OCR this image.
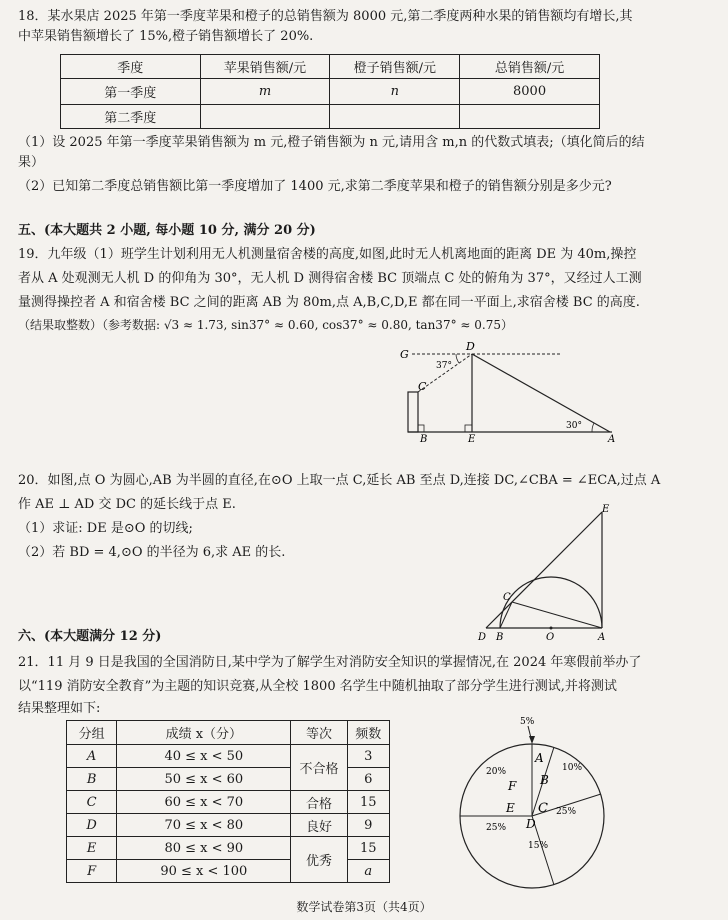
18．某水果店 2025 年第一季度苹果和橙子的总销售额为 8000 元,第二季度两种水果的销售额均有增长,其
中苹果销售额增长了 15%,橙子销售额增长了 20%.
季度	苹果销售额/元	橙子销售额/元	总销售额/元
第一季度	m	n	8000
第二季度			
（1）设 2025 年第一季度苹果销售额为 m 元,橙子销售额为 n 元,请用含 m,n 的代数式填表;（填化简后的结
果）
（2）已知第二季度总销售额比第一季度增加了 1400 元,求第二季度苹果和橙子的销售额分别是多少元?
五、(本大题共 2 小题, 每小题 10 分, 满分 20 分)
19．九年级（1）班学生计划利用无人机测量宿舍楼的高度,如图,此时无人机离地面的距离 DE 为 40m,操控
者从 A 处观测无人机 D 的仰角为 30°，无人机 D 测得宿舍楼 BC 顶端点 C 处的俯角为 37°，又经过人工测
量测得操控者 A 和宿舍楼 BC 之间的距离 AB 为 80m,点 A,B,C,D,E 都在同一平面上,求宿舍楼 BC 的高度.
（结果取整数）（参考数据: √3 ≈ 1.73, sin37° ≈ 0.60, cos37° ≈ 0.80, tan37° ≈ 0.75）
G
D
C
B	E	A
37°
30°
20．如图,点 O 为圆心,AB 为半圆的直径,在⊙O 上取一点 C,延长 AB 至点 D,连接 DC,∠CBA = ∠ECA,过点 A
作 AE ⊥ AD 交 DC 的延长线于点 E.
（1）求证: DE 是⊙O 的切线;
（2）若 BD = 4,⊙O 的半径为 6,求 AE 的长.
E
C
D B	O	A
六、(本大题满分 12 分)
21．11 月 9 日是我国的全国消防日,某中学为了解学生对消防安全知识的掌握情况,在 2024 年寒假前举办了
以“119 消防安全教育”为主题的知识竞赛,从全校 1800 名学生中随机抽取了部分学生进行测试,并将测试
结果整理如下:
分组	成绩 x（分）	等次	频数
A	40 ≤ x < 50	不合格	3
B	50 ≤ x < 60		6
C	60 ≤ x < 70	合格	15
D	70 ≤ x < 80	良好	9
E	80 ≤ x < 90	优秀	15
F	90 ≤ x < 100		a
5%
A
B
10%
C 25%
D
15%
E
25%
F
20%
数学试卷第3页（共4页）
